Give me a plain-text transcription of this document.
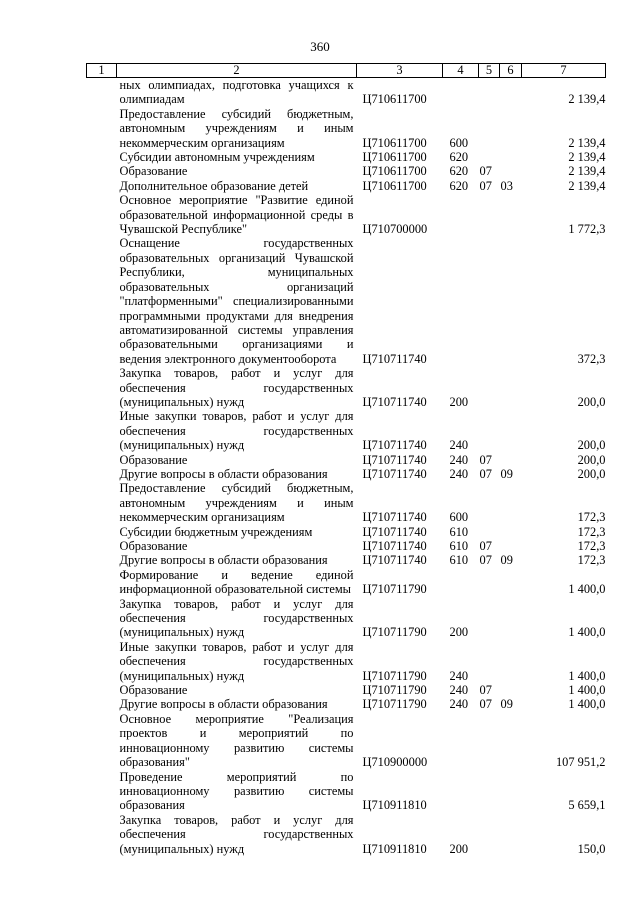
360
1	2	3	4	5	6	7
	ных олимпиадах, подготовка учащихся к олимпиадам	Ц710611700				2 139,4
	Предоставление субсидий бюджетным, автономным учреждениям и иным некоммерческим организациям	Ц710611700	600			2 139,4
	Субсидии автономным учреждениям	Ц710611700	620			2 139,4
	Образование	Ц710611700	620	07		2 139,4
	Дополнительное образование детей	Ц710611700	620	07	03	2 139,4
	Основное мероприятие "Развитие единой образовательной информационной среды в Чувашской Республике"	Ц710700000				1 772,3
	Оснащение государственных образовательных организаций Чувашской Республики, муниципальных образовательных организаций "платформенными" специализированными программными продуктами для внедрения автоматизированной системы управления образовательными организациями и ведения электронного документооборота	Ц710711740				372,3
	Закупка товаров, работ и услуг для обеспечения государственных (муниципальных) нужд	Ц710711740	200			200,0
	Иные закупки товаров, работ и услуг для обеспечения государственных (муниципальных) нужд	Ц710711740	240			200,0
	Образование	Ц710711740	240	07		200,0
	Другие вопросы в области образования	Ц710711740	240	07	09	200,0
	Предоставление субсидий бюджетным, автономным учреждениям и иным некоммерческим организациям	Ц710711740	600			172,3
	Субсидии бюджетным учреждениям	Ц710711740	610			172,3
	Образование	Ц710711740	610	07		172,3
	Другие вопросы в области образования	Ц710711740	610	07	09	172,3
	Формирование и ведение единой информационной образовательной системы	Ц710711790				1 400,0
	Закупка товаров, работ и услуг для обеспечения государственных (муниципальных) нужд	Ц710711790	200			1 400,0
	Иные закупки товаров, работ и услуг для обеспечения государственных (муниципальных) нужд	Ц710711790	240			1 400,0
	Образование	Ц710711790	240	07		1 400,0
	Другие вопросы в области образования	Ц710711790	240	07	09	1 400,0
	Основное мероприятие "Реализация проектов и мероприятий по инновационному развитию системы образования"	Ц710900000				107 951,2
	Проведение мероприятий по инновационному развитию системы образования	Ц710911810				5 659,1
	Закупка товаров, работ и услуг для обеспечения государственных (муниципальных) нужд	Ц710911810	200			150,0
